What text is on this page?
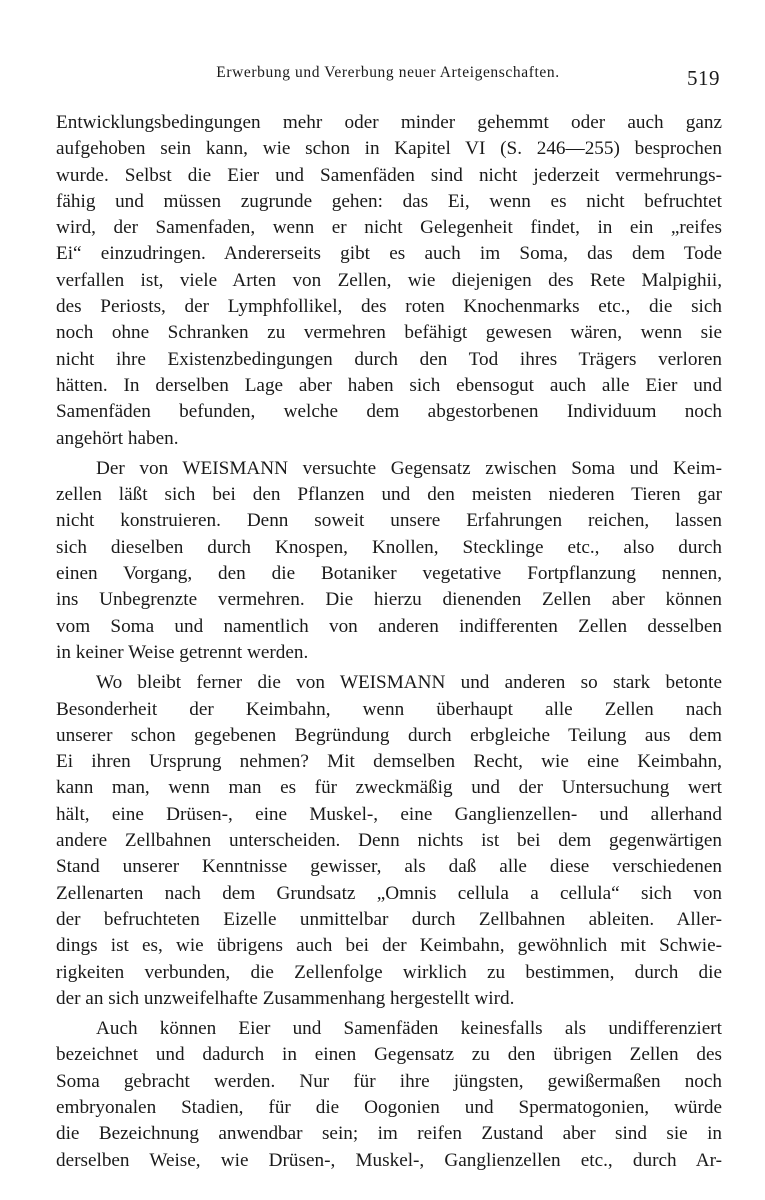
Erwerbung und Vererbung neuer Arteigenschaften.	519
Entwicklungsbedingungen mehr oder minder gehemmt oder auch ganz
aufgehoben sein kann, wie schon in Kapitel VI (S. 246—255) besprochen
wurde. Selbst die Eier und Samenfäden sind nicht jederzeit vermehrungs-
fähig und müssen zugrunde gehen: das Ei, wenn es nicht befruchtet
wird, der Samenfaden, wenn er nicht Gelegenheit findet, in ein „reifes
Ei“ einzudringen. Andererseits gibt es auch im Soma, das dem Tode
verfallen ist, viele Arten von Zellen, wie diejenigen des Rete Malpighii,
des Periosts, der Lymphfollikel, des roten Knochenmarks etc., die sich
noch ohne Schranken zu vermehren befähigt gewesen wären, wenn sie
nicht ihre Existenzbedingungen durch den Tod ihres Trägers verloren
hätten. In derselben Lage aber haben sich ebensogut auch alle Eier und
Samenfäden befunden, welche dem abgestorbenen Individuum noch
angehört haben.
Der von WEISMANN versuchte Gegensatz zwischen Soma und Keim-
zellen läßt sich bei den Pflanzen und den meisten niederen Tieren gar
nicht konstruieren. Denn soweit unsere Erfahrungen reichen, lassen
sich dieselben durch Knospen, Knollen, Stecklinge etc., also durch
einen Vorgang, den die Botaniker vegetative Fortpflanzung nennen,
ins Unbegrenzte vermehren. Die hierzu dienenden Zellen aber können
vom Soma und namentlich von anderen indifferenten Zellen desselben
in keiner Weise getrennt werden.
Wo bleibt ferner die von WEISMANN und anderen so stark betonte
Besonderheit der Keimbahn, wenn überhaupt alle Zellen nach
unserer schon gegebenen Begründung durch erbgleiche Teilung aus dem
Ei ihren Ursprung nehmen? Mit demselben Recht, wie eine Keimbahn,
kann man, wenn man es für zweckmäßig und der Untersuchung wert
hält, eine Drüsen-, eine Muskel-, eine Ganglienzellen- und allerhand
andere Zellbahnen unterscheiden. Denn nichts ist bei dem gegenwärtigen
Stand unserer Kenntnisse gewisser, als daß alle diese verschiedenen
Zellenarten nach dem Grundsatz „Omnis cellula a cellula“ sich von
der befruchteten Eizelle unmittelbar durch Zellbahnen ableiten. Aller-
dings ist es, wie übrigens auch bei der Keimbahn, gewöhnlich mit Schwie-
rigkeiten verbunden, die Zellenfolge wirklich zu bestimmen, durch die
der an sich unzweifelhafte Zusammenhang hergestellt wird.
Auch können Eier und Samenfäden keinesfalls als undifferenziert
bezeichnet und dadurch in einen Gegensatz zu den übrigen Zellen des
Soma gebracht werden. Nur für ihre jüngsten, gewißermaßen noch
embryonalen Stadien, für die Oogonien und Spermatogonien, würde
die Bezeichnung anwendbar sein; im reifen Zustand aber sind sie in
derselben Weise, wie Drüsen-, Muskel-, Ganglienzellen etc., durch Ar-
